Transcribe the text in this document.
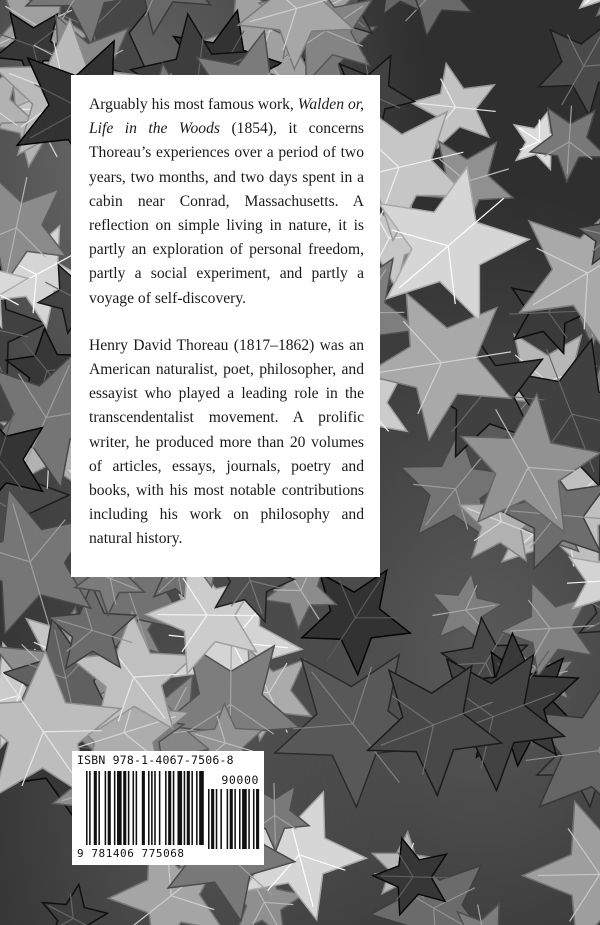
Arguably his most famous work, Walden or, Life in the Woods (1854), it concerns Thoreau’s experiences over a period of two years, two months, and two days spent in a cabin near Conrad, Massachusetts. A reflection on simple living in nature, it is partly an exploration of personal freedom, partly a social experiment, and partly a voyage of self-discovery.

Henry David Thoreau (1817–1862) was an American naturalist, poet, philosopher, and essayist who played a leading role in the transcendentalist movement. A prolific writer, he produced more than 20 volumes of articles, essays, journals, poetry and books, with his most notable contributions including his work on philosophy and natural history.

ISBN 978-1-4067-7506-8
90000
9 781406 775068
